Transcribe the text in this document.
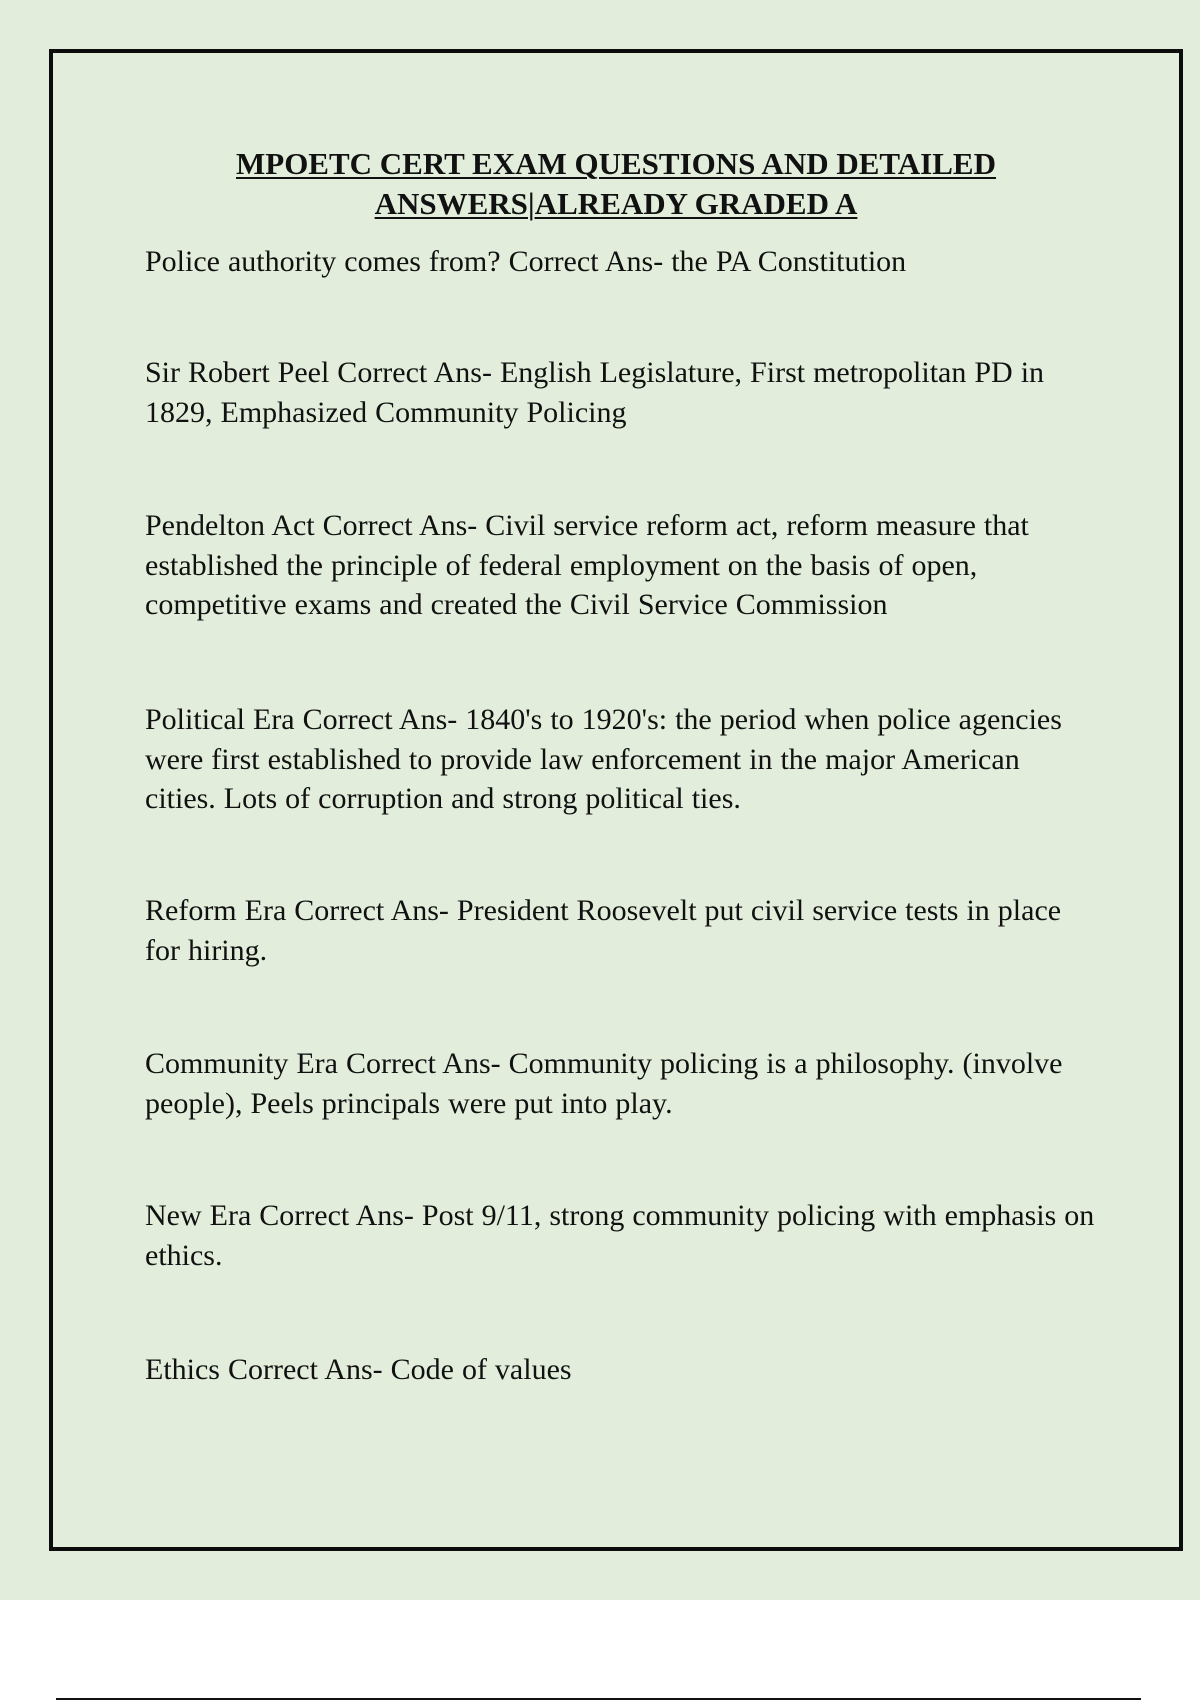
MPOETC CERT EXAM QUESTIONS AND DETAILED
ANSWERS|ALREADY GRADED A

Police authority comes from? Correct Ans- the PA Constitution

Sir Robert Peel Correct Ans- English Legislature, First metropolitan PD in 1829, Emphasized Community Policing

Pendelton Act Correct Ans- Civil service reform act, reform measure that established the principle of federal employment on the basis of open, competitive exams and created the Civil Service Commission

Political Era Correct Ans- 1840's to 1920's: the period when police agencies were first established to provide law enforcement in the major American cities. Lots of corruption and strong political ties.

Reform Era Correct Ans- President Roosevelt put civil service tests in place for hiring.

Community Era Correct Ans- Community policing is a philosophy. (involve people), Peels principals were put into play.

New Era Correct Ans- Post 9/11, strong community policing with emphasis on ethics.

Ethics Correct Ans- Code of values
